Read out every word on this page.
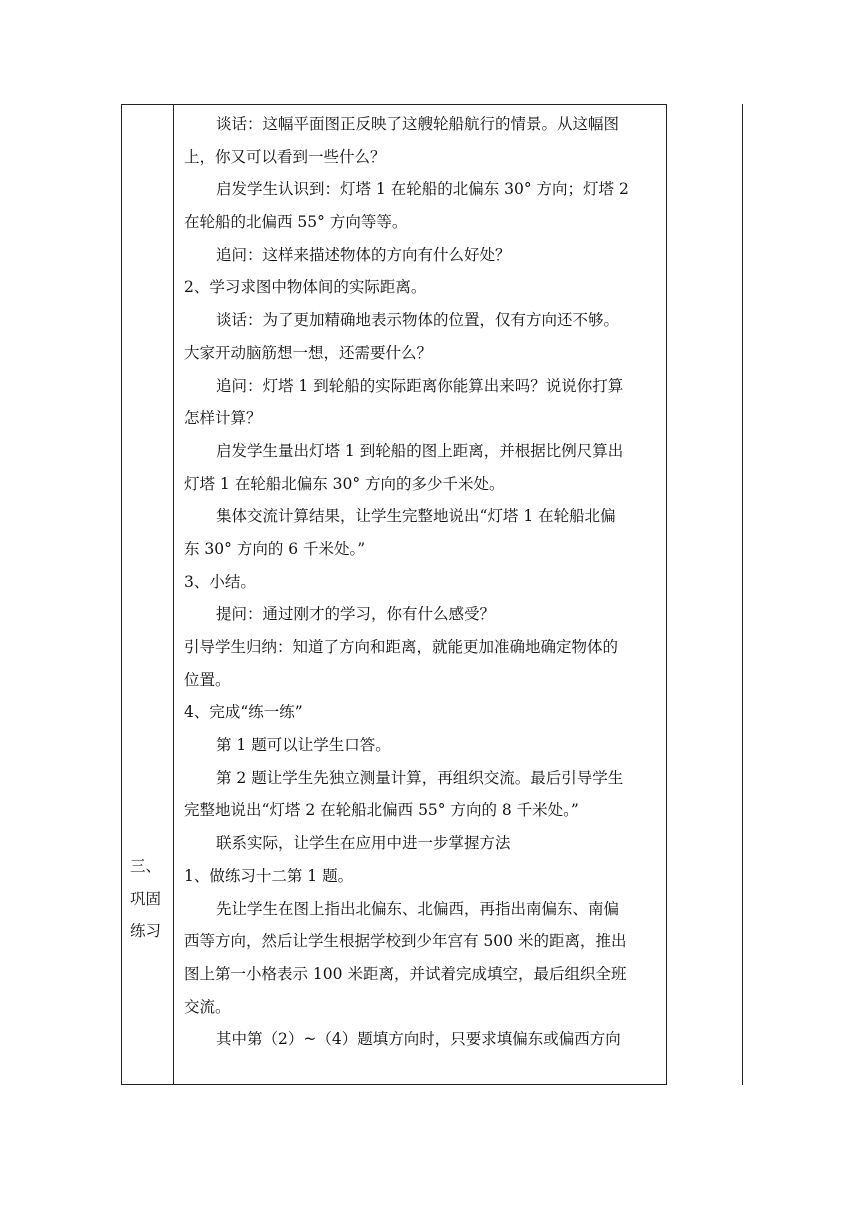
三、
巩固
练习
谈话：这幅平面图正反映了这艘轮船航行的情景。从这幅图
上，你又可以看到一些什么？
启发学生认识到：灯塔 1 在轮船的北偏东 30° 方向；灯塔 2
在轮船的北偏西 55° 方向等等。
追问：这样来描述物体的方向有什么好处？
2、学习求图中物体间的实际距离。
谈话：为了更加精确地表示物体的位置，仅有方向还不够。
大家开动脑筋想一想，还需要什么？
追问：灯塔 1 到轮船的实际距离你能算出来吗？说说你打算
怎样计算？
启发学生量出灯塔 1 到轮船的图上距离，并根据比例尺算出
灯塔 1 在轮船北偏东 30° 方向的多少千米处。
集体交流计算结果，让学生完整地说出“灯塔 1 在轮船北偏
东 30° 方向的 6 千米处。”
3、小结。
提问：通过刚才的学习，你有什么感受？
引导学生归纳：知道了方向和距离，就能更加准确地确定物体的
位置。
4、完成“练一练”
第 1 题可以让学生口答。
第 2 题让学生先独立测量计算，再组织交流。最后引导学生
完整地说出“灯塔 2 在轮船北偏西 55° 方向的 8 千米处。”
联系实际，让学生在应用中进一步掌握方法
1、做练习十二第 1 题。
先让学生在图上指出北偏东、北偏西，再指出南偏东、南偏
西等方向，然后让学生根据学校到少年宫有 500 米的距离，推出
图上第一小格表示 100 米距离，并试着完成填空，最后组织全班
交流。
其中第（2）~（4）题填方向时，只要求填偏东或偏西方向
